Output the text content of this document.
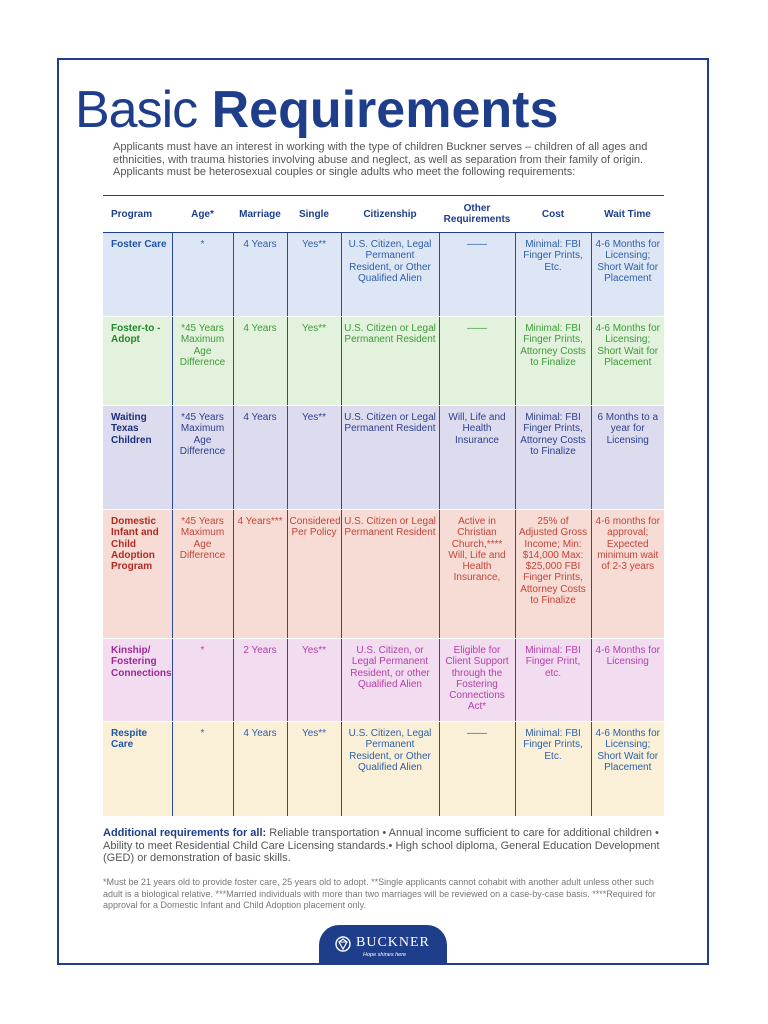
Basic Requirements
Applicants must have an interest in working with the type of children Buckner serves – children of all ages and ethnicities, with trauma histories involving abuse and neglect, as well as separation from their family of origin. Applicants must be heterosexual couples or single adults who meet the following requirements:
Program	Age*	Marriage	Single	Citizenship	Other Requirements	Cost	Wait Time
Foster Care	*	4 Years	Yes**	U.S. Citizen, Legal Permanent Resident, or Other Qualified Alien	——	Minimal: FBI Finger Prints, Etc.	4-6 Months for Licensing; Short Wait for Placement
Foster-to -Adopt	*45 Years Maximum Age Difference	4 Years	Yes**	U.S. Citizen or Legal Permanent Resident	——	Minimal: FBI Finger Prints, Attorney Costs to Finalize	4-6 Months for Licensing; Short Wait for Placement
Waiting Texas Children	*45 Years Maximum Age Difference	4 Years	Yes**	U.S. Citizen or Legal Permanent Resident	Will, Life and Health Insurance	Minimal: FBI Finger Prints, Attorney Costs to Finalize	6 Months to a year for Licensing
Domestic Infant and Child Adoption Program	*45 Years Maximum Age Difference	4 Years***	Considered Per Policy	U.S. Citizen or Legal Permanent Resident	Active in Christian Church,**** Will, Life and Health Insurance,	25% of Adjusted Gross Income; Min: $14,000 Max: $25,000 FBI Finger Prints, Attorney Costs to Finalize	4-6 months for approval; Expected minimum wait of 2-3 years
Kinship/ Fostering Connections	*	2 Years	Yes**	U.S. Citizen, or Legal Permanent Resident, or other Qualified Alien	Eligible for Client Support through the Fostering Connections Act*	Minimal: FBI Finger Print, etc.	4-6 Months for Licensing
Respite Care	*	4 Years	Yes**	U.S. Citizen, Legal Permanent Resident, or Other Qualified Alien	——	Minimal: FBI Finger Prints, Etc.	4-6 Months for Licensing; Short Wait for Placement
Additional requirements for all: Reliable transportation • Annual income sufficient to care for additional children • Ability to meet Residential Child Care Licensing standards.• High school diploma, General Education Development (GED) or demonstration of basic skills.
*Must be 21 years old to provide foster care, 25 years old to adopt. **Single applicants cannot cohabit with another adult unless other such adult is a biological relative. ***Married individuals with more than two marriages will be reviewed on a case-by-case basis. ****Required for approval for a Domestic Infant and Child Adoption placement only.
BUCKNER
Hope shines here
